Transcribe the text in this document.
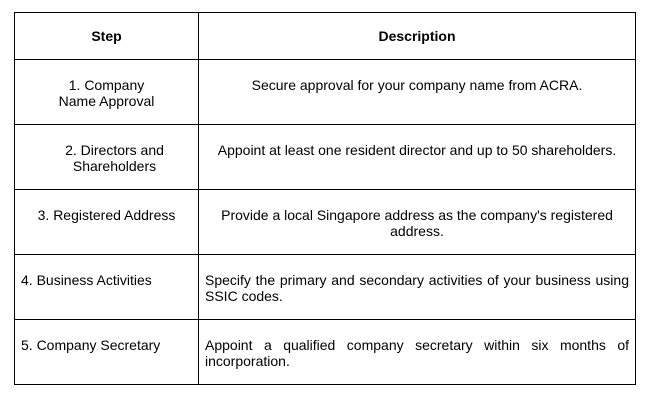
Step	Description

1. Company Name Approval	Secure approval for your company name from ACRA.

2. Directors and Shareholders	Appoint at least one resident director and up to 50 shareholders.

3. Registered Address	Provide a local Singapore address as the company's registered address.

4. Business Activities	Specify the primary and secondary activities of your business using SSIC codes.

5. Company Secretary	Appoint a qualified company secretary within six months of incorporation.
